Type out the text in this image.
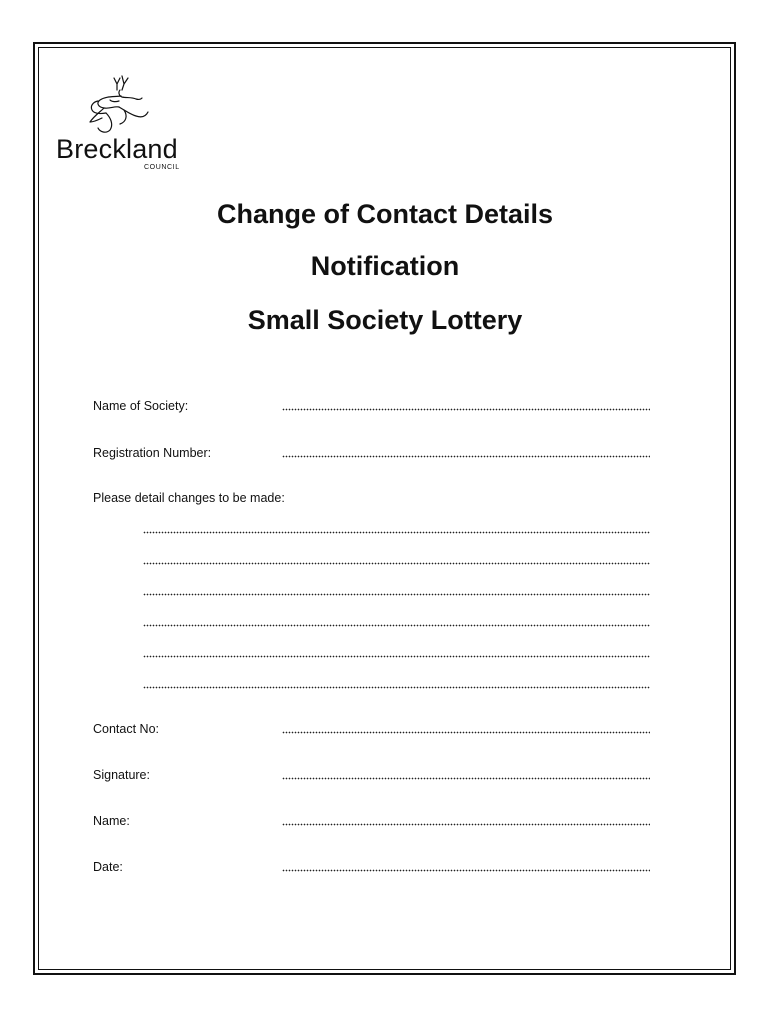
Breckland
COUNCIL
Change of Contact Details
Notification
Small Society Lottery
Name of Society:
Registration Number:
Please detail changes to be made:
Contact No:
Signature:
Name:
Date:
